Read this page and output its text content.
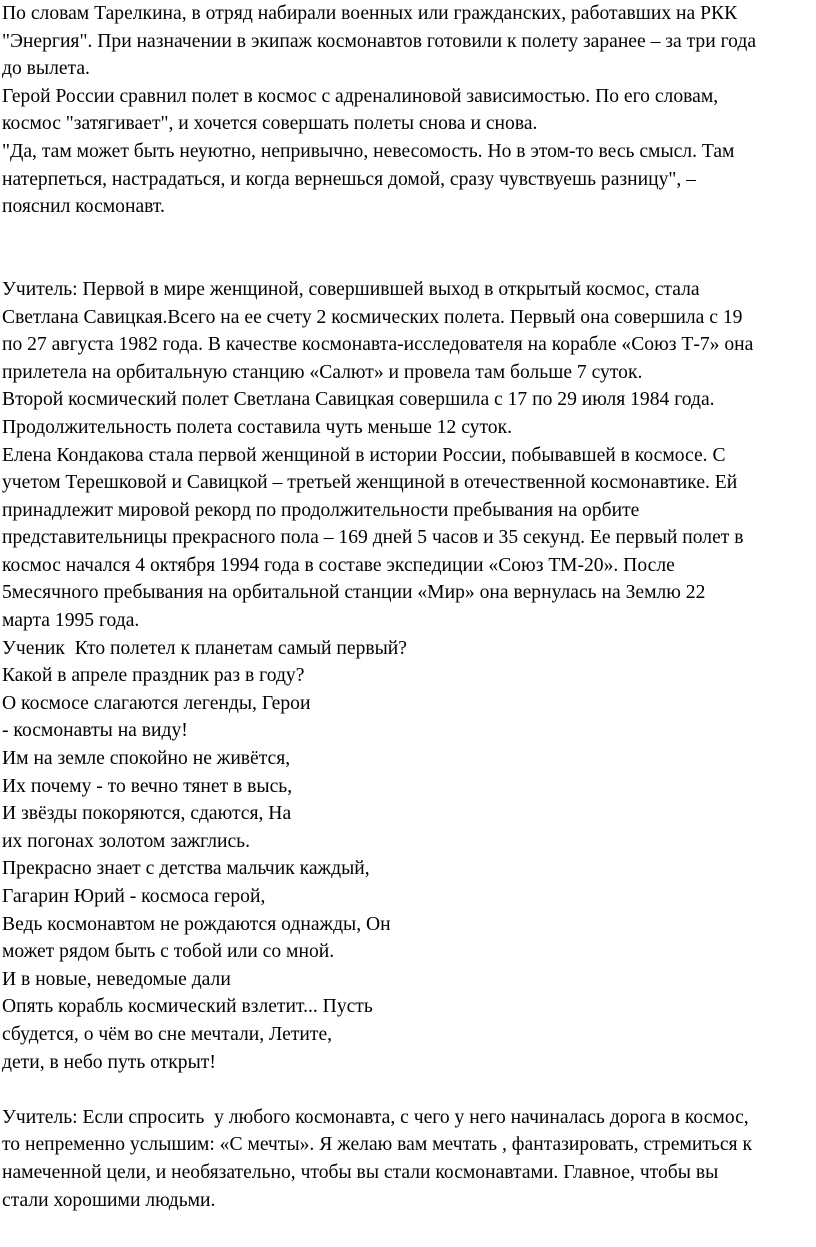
По словам Тарелкина, в отряд набирали военных или гражданских, работавших на РКК
"Энергия". При назначении в экипаж космонавтов готовили к полету заранее – за три года
до вылета.
Герой России сравнил полет в космос с адреналиновой зависимостью. По его словам,
космос "затягивает", и хочется совершать полеты снова и снова.
"Да, там может быть неуютно, непривычно, невесомость. Но в этом-то весь смысл. Там
натерпеться, настрадаться, и когда вернешься домой, сразу чувствуешь разницу", –
пояснил космонавт.
Учитель: Первой в мире женщиной, совершившей выход в открытый космос, стала
Светлана Савицкая.Всего на ее счету 2 космических полета. Первый она совершила с 19
по 27 августа 1982 года. В качестве космонавта-исследователя на корабле «Союз Т-7» она
прилетела на орбитальную станцию «Салют» и провела там больше 7 суток.
Второй космический полет Светлана Савицкая совершила с 17 по 29 июля 1984 года.
Продолжительность полета составила чуть меньше 12 суток.
Елена Кондакова стала первой женщиной в истории России, побывавшей в космосе. С
учетом Терешковой и Савицкой – третьей женщиной в отечественной космонавтике. Ей
принадлежит мировой рекорд по продолжительности пребывания на орбите
представительницы прекрасного пола – 169 дней 5 часов и 35 секунд. Ее первый полет в
космос начался 4 октября 1994 года в составе экспедиции «Союз ТМ-20». После
5месячного пребывания на орбитальной станции «Мир» она вернулась на Землю 22
марта 1995 года.
Ученик  Кто полетел к планетам самый первый?
Какой в апреле праздник раз в году?
О космосе слагаются легенды, Герои
- космонавты на виду!
Им на земле спокойно не живётся,
Их почему - то вечно тянет в высь,
И звёзды покоряются, сдаются, На
их погонах золотом зажглись.
Прекрасно знает с детства мальчик каждый,
Гагарин Юрий - космоса герой,
Ведь космонавтом не рождаются однажды, Он
может рядом быть с тобой или со мной.
И в новые, неведомые дали
Опять корабль космический взлетит... Пусть
сбудется, о чём во сне мечтали, Летите,
дети, в небо путь открыт!
Учитель: Если спросить  у любого космонавта, с чего у него начиналась дорога в космос,
то непременно услышим: «С мечты». Я желаю вам мечтать , фантазировать, стремиться к
намеченной цели, и необязательно, чтобы вы стали космонавтами. Главное, чтобы вы
стали хорошими людьми.
